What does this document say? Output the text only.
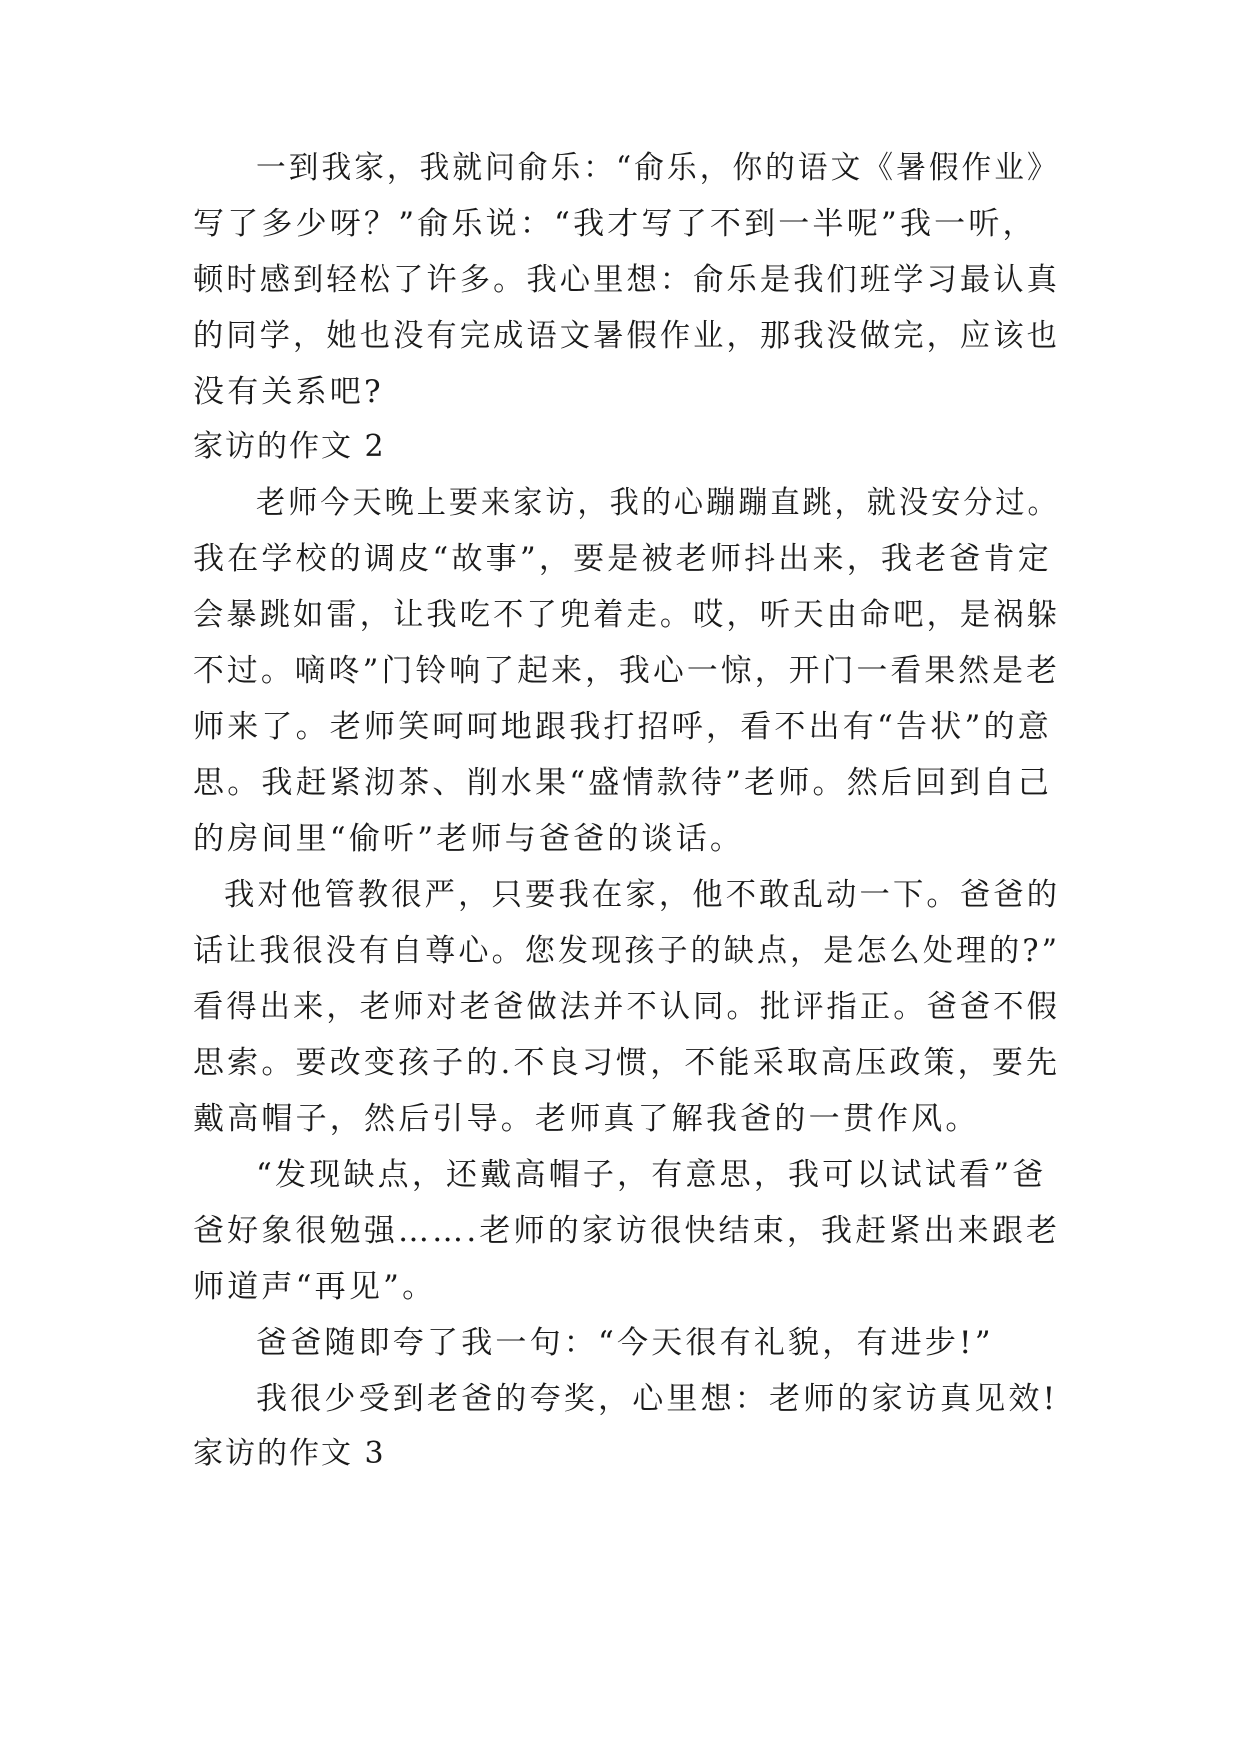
一到我家，我就问俞乐：“俞乐，你的语文《暑假作业》
写了多少呀？”俞乐说：“我才写了不到一半呢”我一听，
顿时感到轻松了许多。我心里想：俞乐是我们班学习最认真
的同学，她也没有完成语文暑假作业，那我没做完，应该也
没有关系吧?
家访的作文 2
老师今天晚上要来家访，我的心蹦蹦直跳，就没安分过。
我在学校的调皮“故事”，要是被老师抖出来，我老爸肯定
会暴跳如雷，让我吃不了兜着走。哎，听天由命吧，是祸躲
不过。嘀咚”门铃响了起来，我心一惊，开门一看果然是老
师来了。老师笑呵呵地跟我打招呼，看不出有“告状”的意
思。我赶紧沏茶、削水果“盛情款待”老师。然后回到自己
的房间里“偷听”老师与爸爸的谈话。
我对他管教很严，只要我在家，他不敢乱动一下。爸爸的
话让我很没有自尊心。您发现孩子的缺点，是怎么处理的?”
看得出来，老师对老爸做法并不认同。批评指正。爸爸不假
思索。要改变孩子的.不良习惯，不能采取高压政策，要先
戴高帽子，然后引导。老师真了解我爸的一贯作风。
“发现缺点，还戴高帽子，有意思，我可以试试看”爸
爸好象很勉强…….老师的家访很快结束，我赶紧出来跟老
师道声“再见”。
爸爸随即夸了我一句：“今天很有礼貌，有进步!”
我很少受到老爸的夸奖，心里想：老师的家访真见效!
家访的作文 3
